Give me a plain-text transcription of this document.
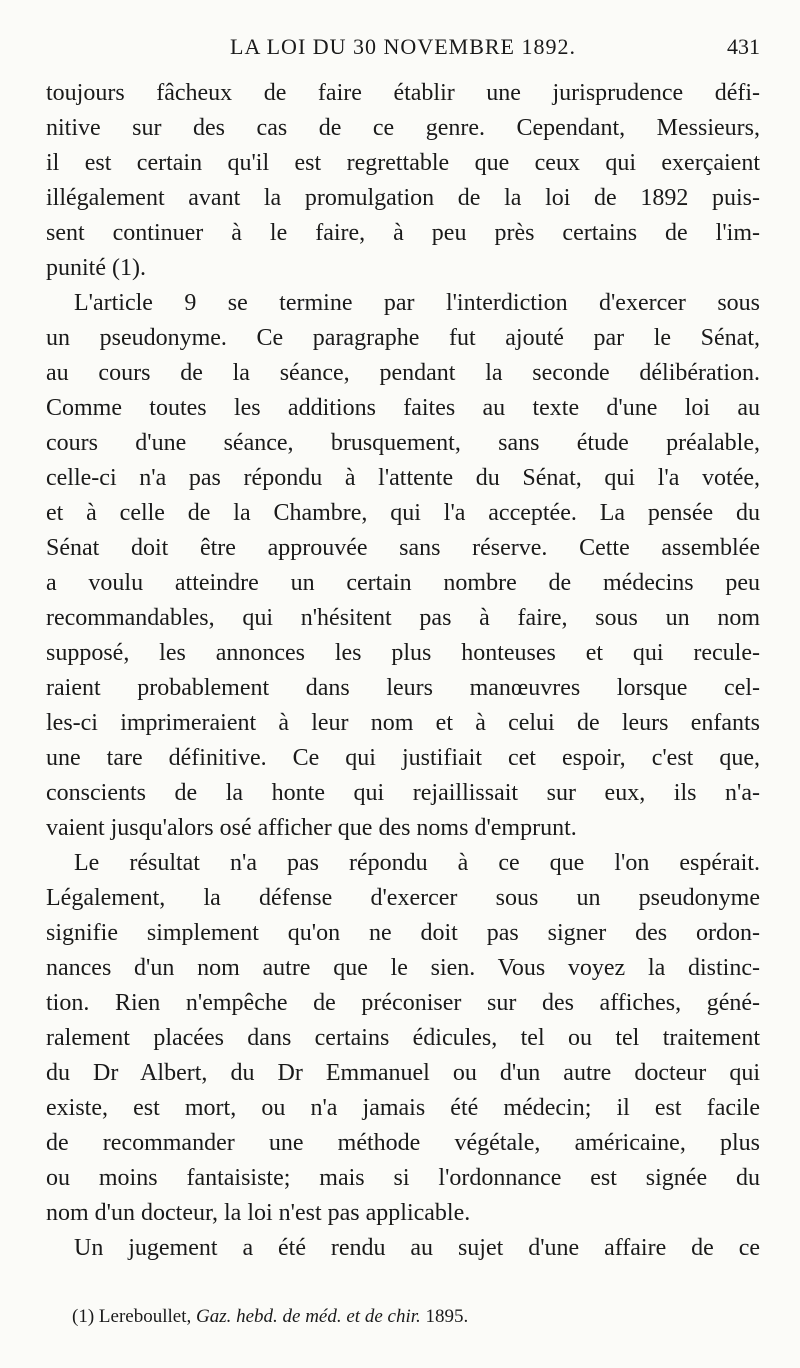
LA LOI DU 30 NOVEMBRE 1892.	431
toujours fâcheux de faire établir une jurisprudence défi-
nitive sur des cas de ce genre. Cependant, Messieurs,
il est certain qu'il est regrettable que ceux qui exerçaient
illégalement avant la promulgation de la loi de 1892 puis-
sent continuer à le faire, à peu près certains de l'im-
punité (1).
L'article 9 se termine par l'interdiction d'exercer sous
un pseudonyme. Ce paragraphe fut ajouté par le Sénat,
au cours de la séance, pendant la seconde délibération.
Comme toutes les additions faites au texte d'une loi au
cours d'une séance, brusquement, sans étude préalable,
celle-ci n'a pas répondu à l'attente du Sénat, qui l'a votée,
et à celle de la Chambre, qui l'a acceptée. La pensée du
Sénat doit être approuvée sans réserve. Cette assemblée
a voulu atteindre un certain nombre de médecins peu
recommandables, qui n'hésitent pas à faire, sous un nom
supposé, les annonces les plus honteuses et qui recule-
raient probablement dans leurs manœuvres lorsque cel-
les-ci imprimeraient à leur nom et à celui de leurs enfants
une tare définitive. Ce qui justifiait cet espoir, c'est que,
conscients de la honte qui rejaillissait sur eux, ils n'a-
vaient jusqu'alors osé afficher que des noms d'emprunt.
Le résultat n'a pas répondu à ce que l'on espérait.
Légalement, la défense d'exercer sous un pseudonyme
signifie simplement qu'on ne doit pas signer des ordon-
nances d'un nom autre que le sien. Vous voyez la distinc-
tion. Rien n'empêche de préconiser sur des affiches, géné-
ralement placées dans certains édicules, tel ou tel traitement
du Dr Albert, du Dr Emmanuel ou d'un autre docteur qui
existe, est mort, ou n'a jamais été médecin; il est facile
de recommander une méthode végétale, américaine, plus
ou moins fantaisiste; mais si l'ordonnance est signée du
nom d'un docteur, la loi n'est pas applicable.
Un jugement a été rendu au sujet d'une affaire de ce
(1) Lereboullet, Gaz. hebd. de méd. et de chir. 1895.
